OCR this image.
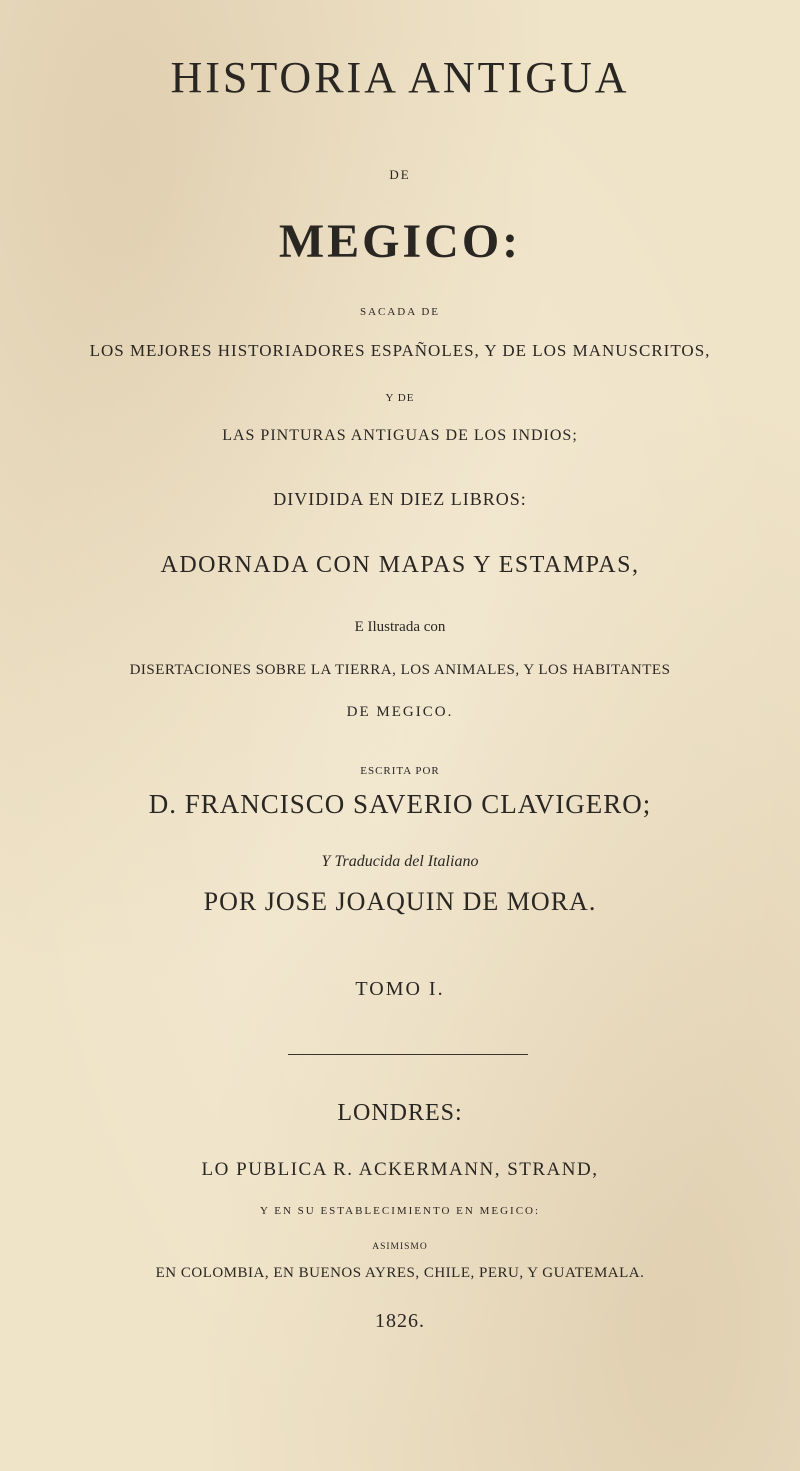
HISTORIA ANTIGUA
DE
MEGICO:
SACADA DE
LOS MEJORES HISTORIADORES ESPAÑOLES, Y DE LOS MANUSCRITOS,
Y DE
LAS PINTURAS ANTIGUAS DE LOS INDIOS;
DIVIDIDA EN DIEZ LIBROS:
ADORNADA CON MAPAS Y ESTAMPAS,
E Ilustrada con
DISERTACIONES SOBRE LA TIERRA, LOS ANIMALES, Y LOS HABITANTES
DE MEGICO.
ESCRITA POR
D. FRANCISCO SAVERIO CLAVIGERO;
Y Traducida del Italiano
POR JOSE JOAQUIN DE MORA.
TOMO I.
LONDRES:
LO PUBLICA R. ACKERMANN, STRAND,
Y EN SU ESTABLECIMIENTO EN MEGICO:
ASIMISMO
EN COLOMBIA, EN BUENOS AYRES, CHILE, PERU, Y GUATEMALA.
1826.
